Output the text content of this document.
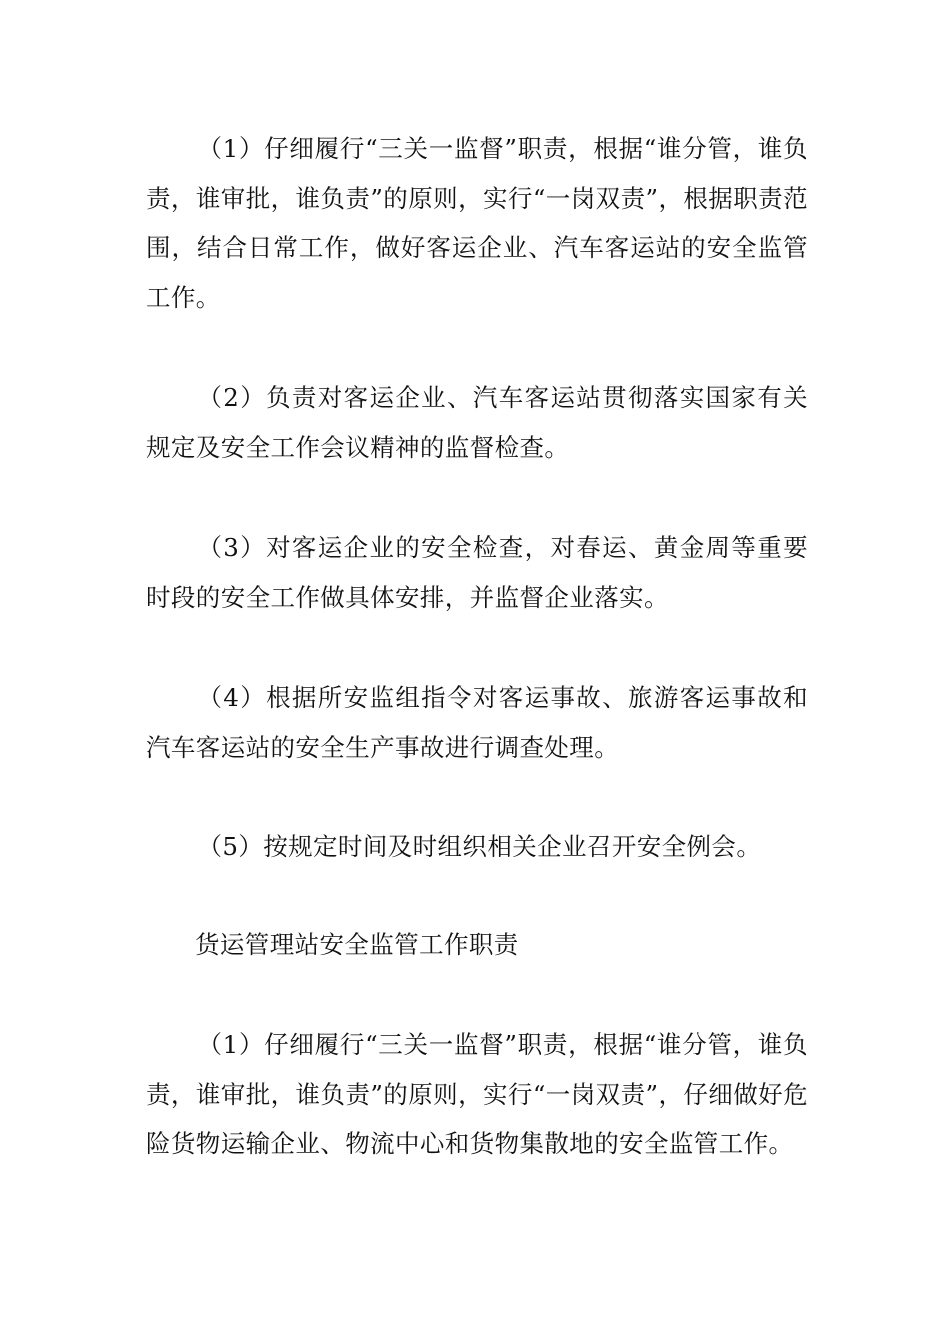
（1）仔细履行“三关一监督”职责，根据“谁分管，谁负责，谁审批，谁负责”的原则，实行“一岗双责”，根据职责范围，结合日常工作，做好客运企业、汽车客运站的安全监管工作。

（2）负责对客运企业、汽车客运站贯彻落实国家有关规定及安全工作会议精神的监督检查。

（3）对客运企业的安全检查，对春运、黄金周等重要时段的安全工作做具体安排，并监督企业落实。

（4）根据所安监组指令对客运事故、旅游客运事故和汽车客运站的安全生产事故进行调查处理。

（5）按规定时间及时组织相关企业召开安全例会。

货运管理站安全监管工作职责

（1）仔细履行“三关一监督”职责，根据“谁分管，谁负责，谁审批，谁负责”的原则，实行“一岗双责”，仔细做好危险货物运输企业、物流中心和货物集散地的安全监管工作。
